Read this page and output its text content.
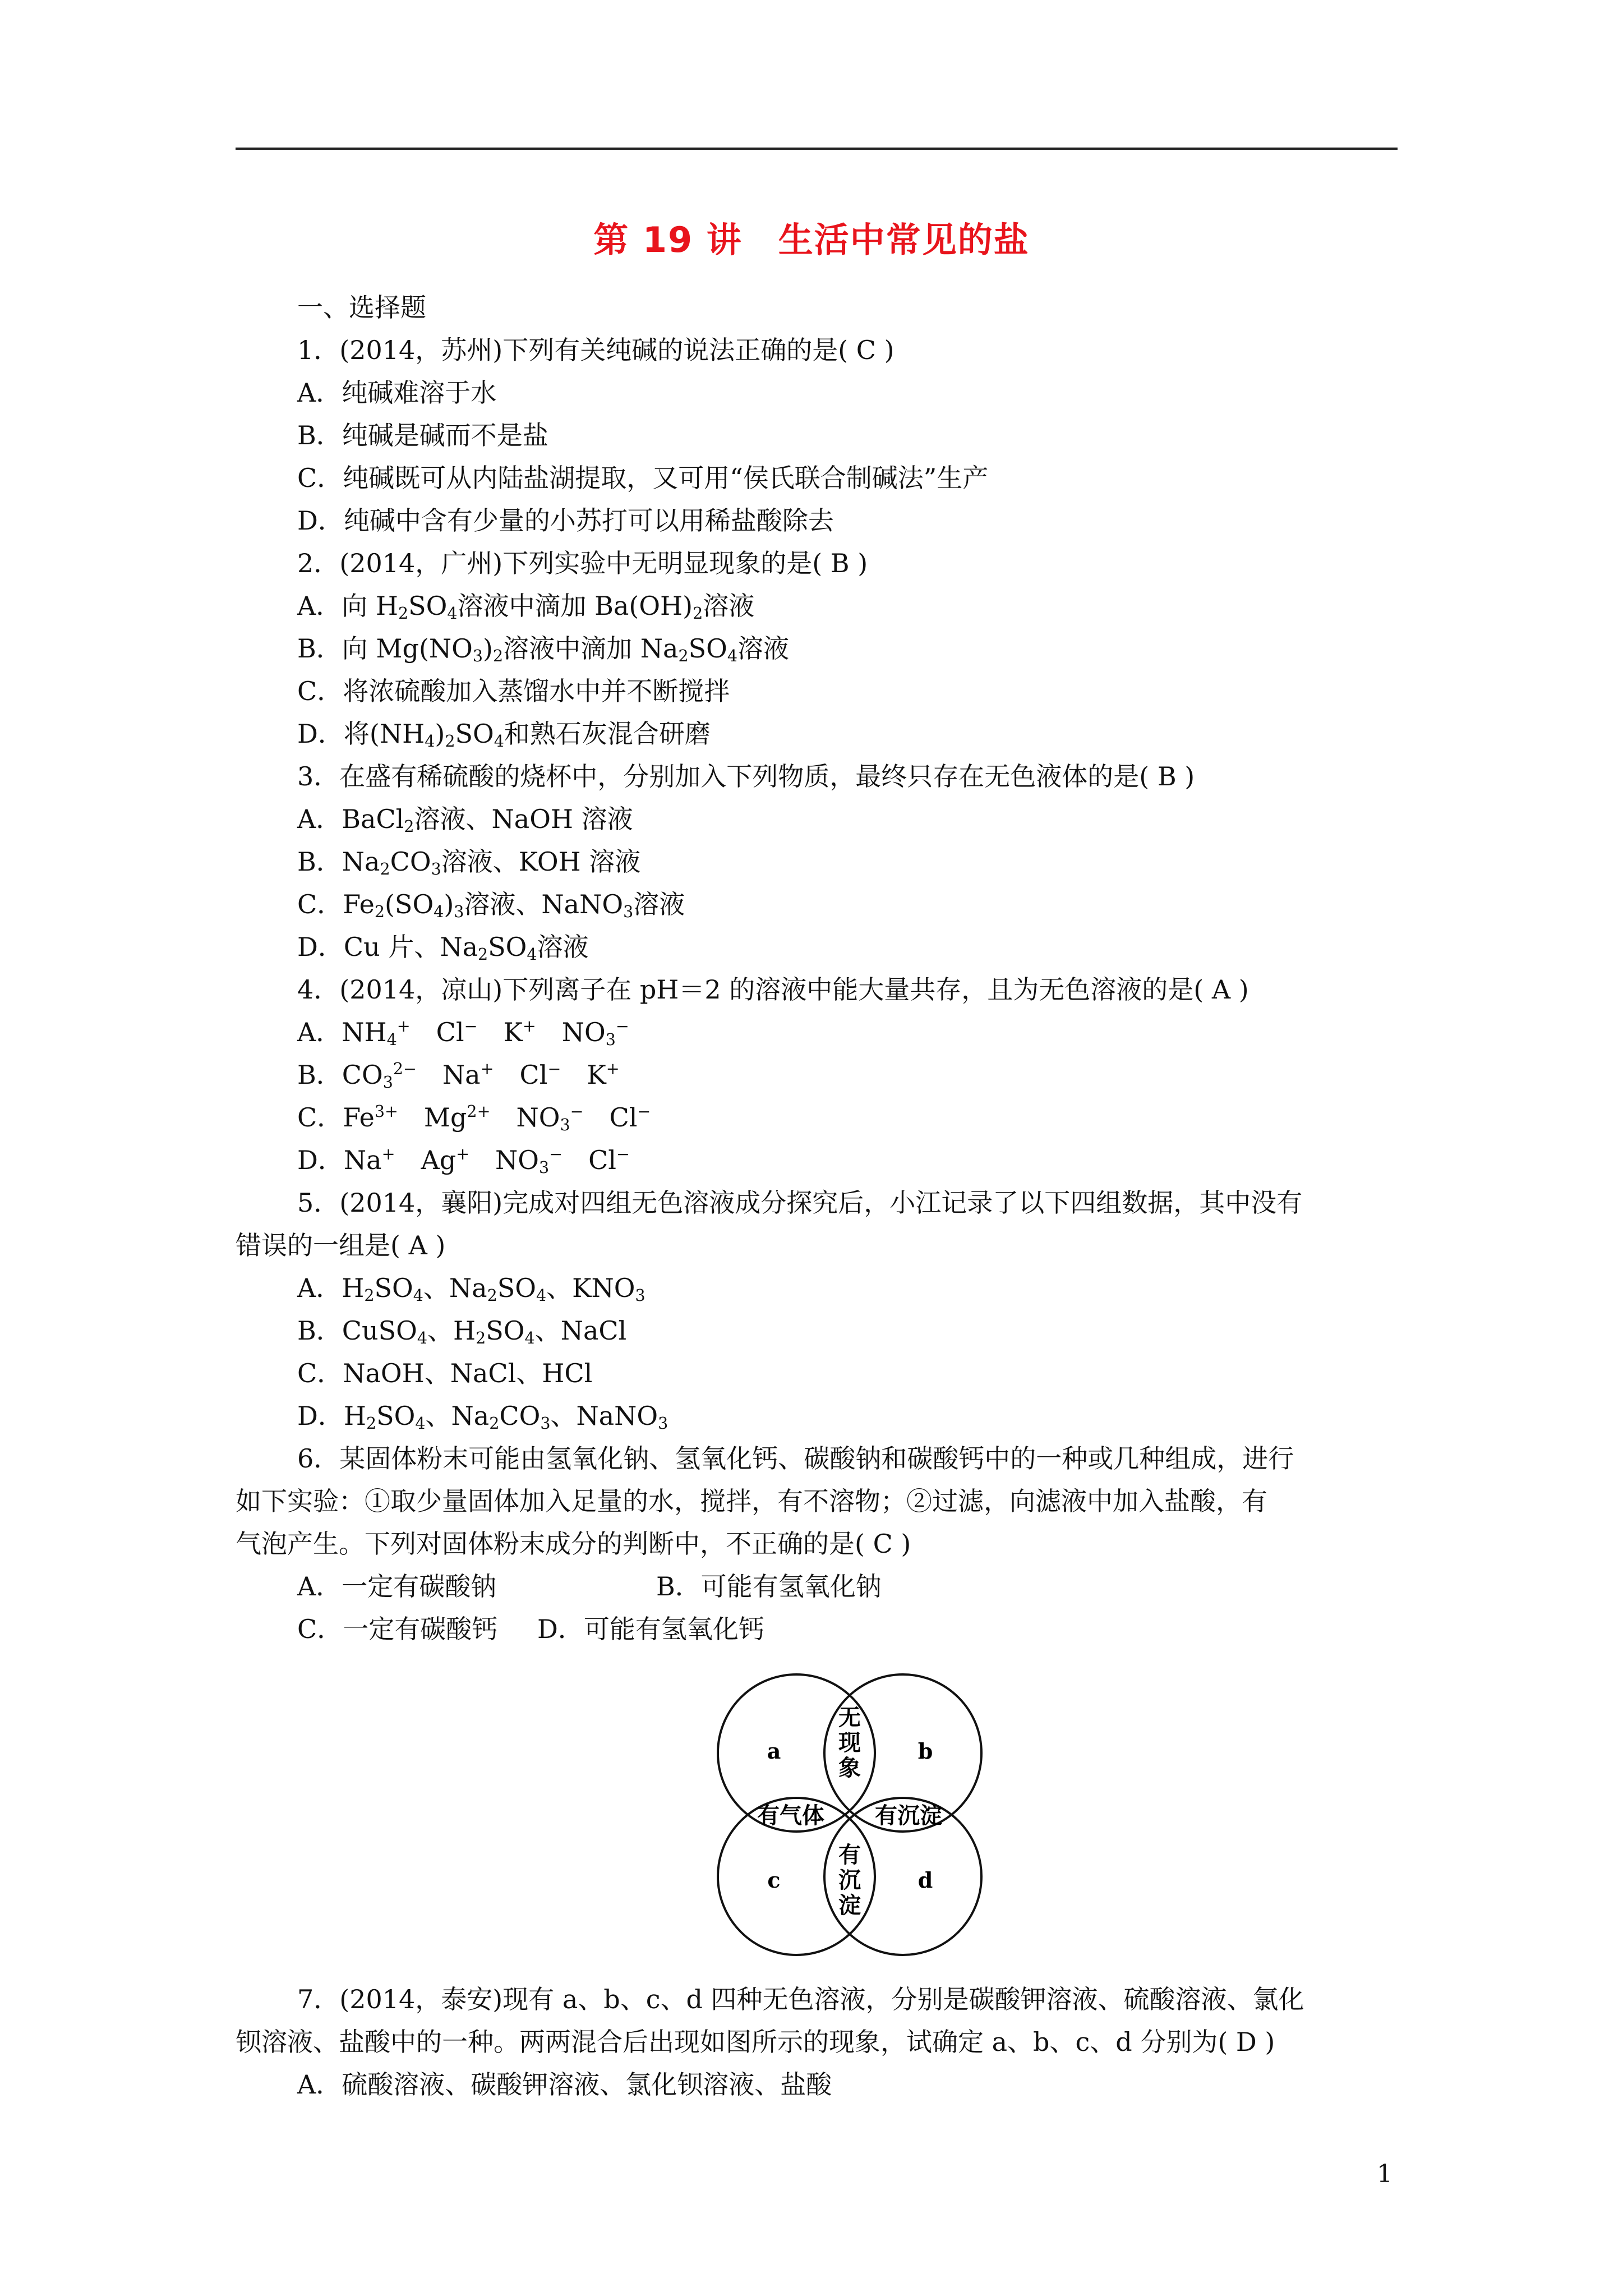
第 19 讲　生活中常见的盐
一、选择题
1．(2014，苏州)下列有关纯碱的说法正确的是( C )
A．纯碱难溶于水
B．纯碱是碱而不是盐
C．纯碱既可从内陆盐湖提取，又可用“侯氏联合制碱法”生产
D．纯碱中含有少量的小苏打可以用稀盐酸除去
2．(2014，广州)下列实验中无明显现象的是( B )
A．向 $H_2SO_4$溶液中滴加 $Ba(OH)_2$溶液
B．向 $Mg(NO_3)_2$溶液中滴加 $Na_2SO_4$溶液
C．将浓硫酸加入蒸馏水中并不断搅拌
D．将$(NH_4)_2SO_4$和熟石灰混合研磨
3．在盛有稀硫酸的烧杯中，分别加入下列物质，最终只存在无色液体的是( B )
A．BaCl$_2$溶液、NaOH 溶液
B．$Na_2CO_3$溶液、KOH 溶液
C．$Fe_2(SO_4)_3$溶液、NaNO$_3$溶液
D．Cu 片、$Na_2SO_4$溶液
4．(2014，凉山)下列离子在 pH＝2 的溶液中能大量共存，且为无色溶液的是( A )
A．$NH_4^+$　Cl−　K+　$NO_3^-$
B．$CO_3^{2-}$　Na+　Cl−　K+
C．$Fe^{3+}$　$Mg^{2+}$　$NO_3^-$　Cl−
D．Na+　Ag+　$NO_3^-$　Cl−
5．(2014，襄阳)完成对四组无色溶液成分探究后，小江记录了以下四组数据，其中没有
错误的一组是( A )
A．$H_2SO_4$、$Na_2SO_4$、$KNO_3$
B．CuSO$_4$、$H_2SO_4$、NaCl
C．NaOH、NaCl、HCl
D．$H_2SO_4$、$Na_2CO_3$、NaNO$_3$
6．某固体粉末可能由氢氧化钠、氢氧化钙、碳酸钠和碳酸钙中的一种或几种组成，进行
如下实验：①取少量固体加入足量的水，搅拌，有不溶物；②过滤，向滤液中加入盐酸，有
气泡产生。下列对固体粉末成分的判断中，不正确的是( C )
A．一定有碳酸钠	B．可能有氢氧化钠
C．一定有碳酸钙 D．可能有氢氧化钙
a	b
c	d
无
现
象
有气体 有沉淀
有
沉
淀
7．(2014，泰安)现有 a、b、c、d 四种无色溶液，分别是碳酸钾溶液、硫酸溶液、氯化
钡溶液、盐酸中的一种。两两混合后出现如图所示的现象，试确定 a、b、c、d 分别为( D )
A．硫酸溶液、碳酸钾溶液、氯化钡溶液、盐酸
1
